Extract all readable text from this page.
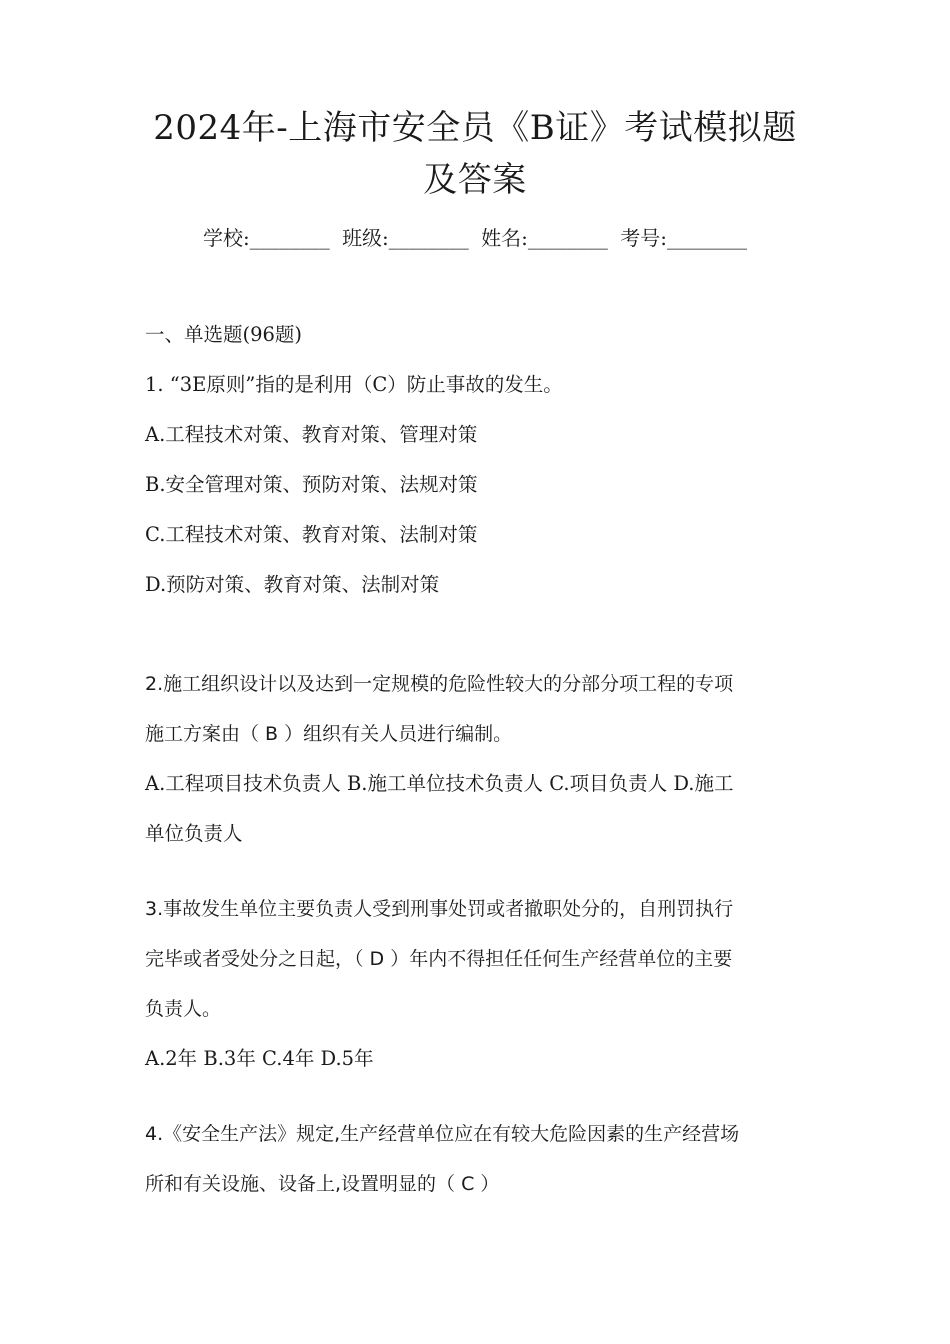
2024年-上海市安全员《B证》考试模拟题
及答案
学校:________ 班级:________ 姓名:________ 考号:________
一、单选题(96题)
1. “3E原则”指的是利用（C）防止事故的发生。
A.工程技术对策、教育对策、管理对策
B.安全管理对策、预防对策、法规对策
C.工程技术对策、教育对策、法制对策
D.预防对策、教育对策、法制对策
2.施工组织设计以及达到一定规模的危险性较大的分部分项工程的专项
施工方案由（ B ）组织有关人员进行编制。
A.工程项目技术负责人 B.施工单位技术负责人 C.项目负责人 D.施工
单位负责人
3.事故发生单位主要负责人受到刑事处罚或者撤职处分的，自刑罚执行
完毕或者受处分之日起，（ D ）年内不得担任任何生产经营单位的主要
负责人。
A.2年 B.3年 C.4年 D.5年
4.《安全生产法》规定,生产经营单位应在有较大危险因素的生产经营场
所和有关设施、设备上,设置明显的（ C ）
